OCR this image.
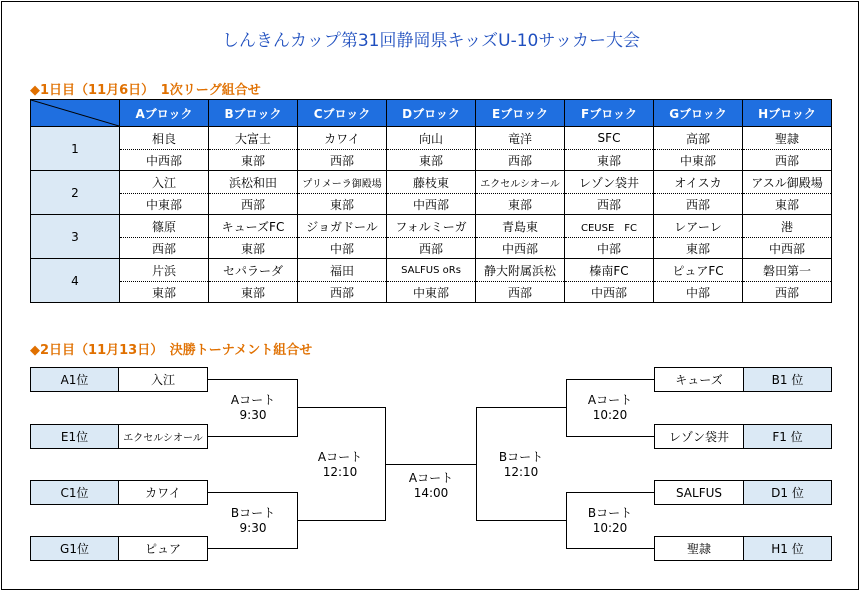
しんきんカップ第31回静岡県キッズU-10サッカー大会
◆1日目（11月6日）　1次リーグ組合せ
	Aブロック	Bブロック	Cブロック	Dブロック	Eブロック	Fブロック	Gブロック	Hブロック
1	相良	大富士	カワイ	向山	竜洋	SFC	高部	聖隷
	中西部	東部	西部	東部	西部	東部	中東部	西部
2	入江	浜松和田	プリメーラ御殿場	藤枝東	エクセルシオール	レゾン袋井	オイスカ	アスル御殿場
	中東部	西部	東部	中西部	東部	西部	西部	東部
3	篠原	キューズFC	ジョガドール	フォルミーガ	青島東	CEUSE　FC	レアーレ	港
	西部	東部	中部	西部	中西部	中部	東部	中西部
4	片浜	セパラーダ	福田	SALFUS oRs	静大附属浜松	榛南FC	ピュアFC	磐田第一
	東部	東部	西部	中東部	西部	中西部	中部	西部
◆2日目（11月13日）　決勝トーナメント組合せ
A1位	入江
E1位	エクセルシオール
C1位	カワイ
G1位	ピュア
キューズ	B1 位
レゾン袋井	F1 位
SALFUS	D1 位
聖隷	H1 位
Aコート
9:30
Bコート
9:30
Aコート
12:10	Aコート
14:00
Bコート
12:10
Aコート
10:20
Bコート
10:20
